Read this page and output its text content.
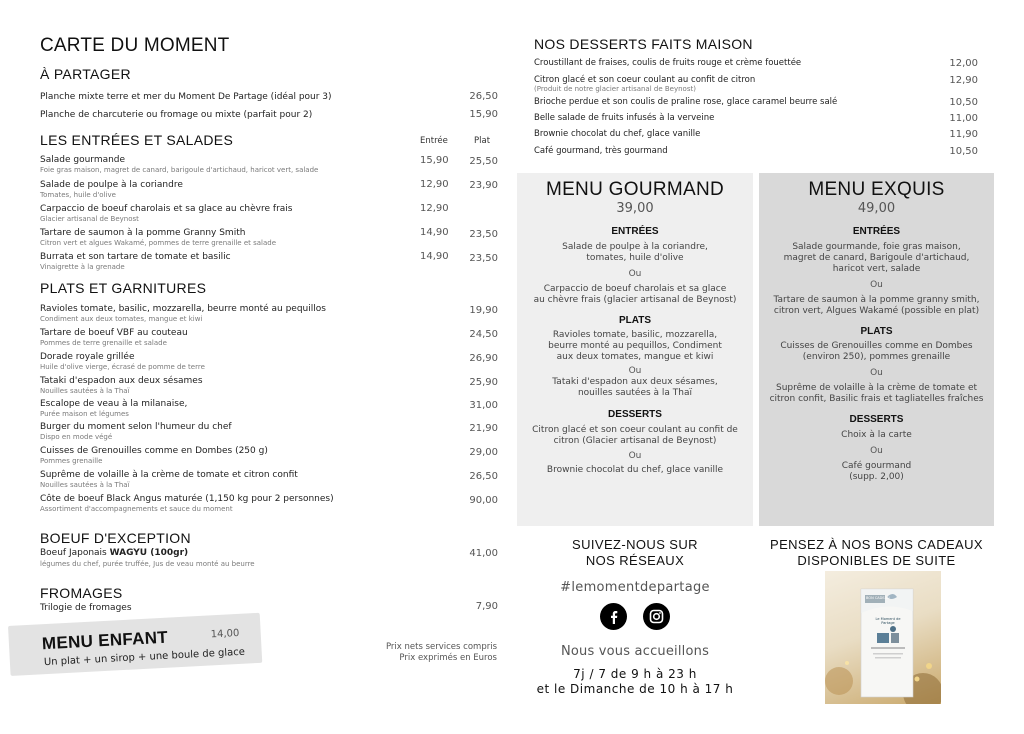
CARTE DU MOMENT
À PARTAGER
Planche mixte terre et mer du Moment De Partage (idéal pour 3)	26,50
Planche de charcuterie ou fromage ou mixte (parfait pour 2)	15,90
LES ENTRÉES ET SALADES	Entrée	Plat
Salade gourmande
Foie gras maison, magret de canard, barigoule d'artichaud, haricot vert, salade
15,90	25,50
Salade de poulpe à la coriandre
Tomates, huile d'olive
12,90	23,90
Carpaccio de boeuf charolais et sa glace au chèvre frais
Glacier artisanal de Beynost
12,90
Tartare de saumon à la pomme Granny Smith
Citron vert et algues Wakamé, pommes de terre grenaille et salade
14,90	23,50
Burrata et son tartare de tomate et basilic
Vinaigrette à la grenade
14,90	23,50
PLATS ET GARNITURES
Ravioles tomate, basilic, mozzarella, beurre monté au pequillos
Condiment aux deux tomates, mangue et kiwi
19,90
Tartare de boeuf VBF au couteau
Pommes de terre grenaille et salade
24,50
Dorade royale grillée
Huile d'olive vierge, écrasé de pomme de terre
26,90
Tataki d'espadon aux deux sésames
Nouilles sautées à la Thaï
25,90
Escalope de veau à la milanaise,
Purée maison et légumes
31,00
Burger du moment selon l'humeur du chef
Dispo en mode végé
21,90
Cuisses de Grenouilles comme en Dombes (250 g)
Pommes grenaille
29,00
Suprême de volaille à la crème de tomate et citron confit
Nouilles sautées à la Thaï
26,50
Côte de boeuf Black Angus maturée (1,150 kg pour 2 personnes)
Assortiment d'accompagnements et sauce du moment
90,00
BOEUF D'EXCEPTION
Boeuf Japonais WAGYU (100gr)
légumes du chef, purée truffée, Jus de veau monté au beurre
41,00
FROMAGES
Trilogie de fromages	7,90
MENU ENFANT	14,00
Un plat + un sirop + une boule de glace	Prix nets services compris
Prix exprimés en Euros
NOS DESSERTS FAITS MAISON
Croustillant de fraises, coulis de fruits rouge et crème fouettée	12,00
Citron glacé et son coeur coulant au confit de citron
(Produit de notre glacier artisanal de Beynost)
12,90
Brioche perdue et son coulis de praline rose, glace caramel beurre salé	10,50
Belle salade de fruits infusés à la verveine	11,00
Brownie chocolat du chef, glace vanille	11,90
Café gourmand, très gourmand	10,50
MENU GOURMAND
39,00
ENTRÉES
Salade de poulpe à la coriandre,
tomates, huile d'olive
Ou
Carpaccio de boeuf charolais et sa glace
au chèvre frais (glacier artisanal de Beynost)
PLATS
Ravioles tomate, basilic, mozzarella,
beurre monté au pequillos, Condiment
aux deux tomates, mangue et kiwi
Ou
Tataki d'espadon aux deux sésames,
nouilles sautées à la Thaï
DESSERTS
Citron glacé et son coeur coulant au confit de
citron (Glacier artisanal de Beynost)
Ou
Brownie chocolat du chef, glace vanille
MENU EXQUIS
49,00
ENTRÉES
Salade gourmande, foie gras maison,
magret de canard, Barigoule d'artichaud,
haricot vert, salade
Ou
Tartare de saumon à la pomme granny smith,
citron vert, Algues Wakamé (possible en plat)
PLATS
Cuisses de Grenouilles comme en Dombes
(environ 250), pommes grenaille
Ou
Suprême de volaille à la crème de tomate et
citron confit, Basilic frais et tagliatelles fraîches
DESSERTS
Choix à la carte
Ou
Café gourmand
(supp. 2,00)
SUIVEZ-NOUS SUR
NOS RÉSEAUX
#lemomentdepartage
Nous vous accueillons
7j / 7 de 9 h à 23 h
et le Dimanche de 10 h à 17 h
PENSEZ À NOS BONS CADEAUX
DISPONIBLES DE SUITE
BON CADEAU
Le Moment de Partage
